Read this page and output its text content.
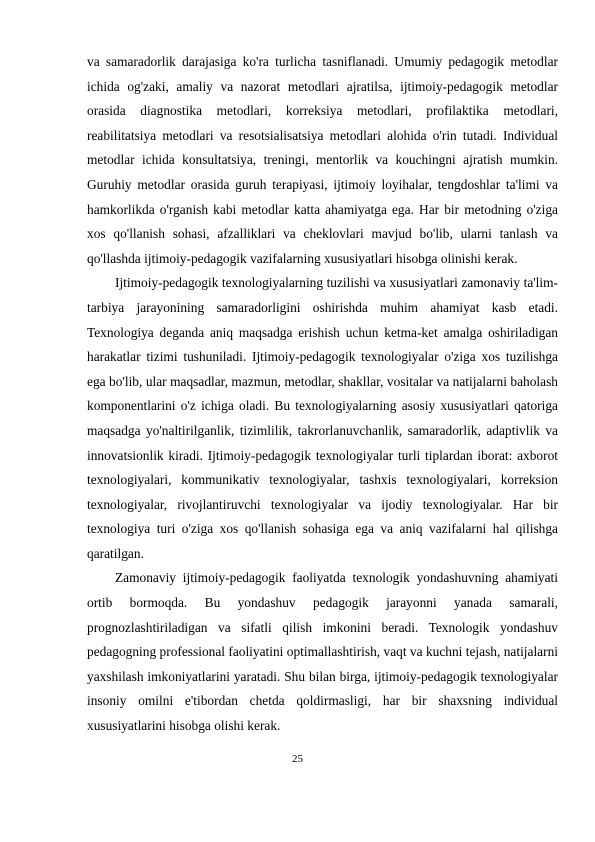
va samaradorlik darajasiga ko'ra turlicha tasniflanadi. Umumiy pedagogik metodlar ichida og'zaki, amaliy va nazorat metodlari ajratilsa, ijtimoiy-pedagogik metodlar orasida diagnostika metodlari, korreksiya metodlari, profilaktika metodlari, reabilitatsiya metodlari va resotsialisatsiya metodlari alohida o'rin tutadi. Individual metodlar ichida konsultatsiya, treningi, mentorlik va kouchingni ajratish mumkin. Guruhiy metodlar orasida guruh terapiyasi, ijtimoiy loyihalar, tengdoshlar ta'limi va hamkorlikda o'rganish kabi metodlar katta ahamiyatga ega. Har bir metodning o'ziga xos qo'llanish sohasi, afzalliklari va cheklovlari mavjud bo'lib, ularni tanlash va qo'llashda ijtimoiy-pedagogik vazifalarning xususiyatlari hisobga olinishi kerak.

Ijtimoiy-pedagogik texnologiyalarning tuzilishi va xususiyatlari zamonaviy ta'lim-tarbiya jarayonining samaradorligini oshirishda muhim ahamiyat kasb etadi. Texnologiya deganda aniq maqsadga erishish uchun ketma-ket amalga oshiriladigan harakatlar tizimi tushuniladi. Ijtimoiy-pedagogik texnologiyalar o'ziga xos tuzilishga ega bo'lib, ular maqsadlar, mazmun, metodlar, shakllar, vositalar va natijalarni baholash komponentlarini o'z ichiga oladi. Bu texnologiyalarning asosiy xususiyatlari qatoriga maqsadga yo'naltirilganlik, tizimlilik, takrorlanuvchanlik, samaradorlik, adaptivlik va innovatsionlik kiradi. Ijtimoiy-pedagogik texnologiyalar turli tiplardan iborat: axborot texnologiyalari, kommunikativ texnologiyalar, tashxis texnologiyalari, korreksion texnologiyalar, rivojlantiruvchi texnologiyalar va ijodiy texnologiyalar. Har bir texnologiya turi o'ziga xos qo'llanish sohasiga ega va aniq vazifalarni hal qilishga qaratilgan.

Zamonaviy ijtimoiy-pedagogik faoliyatda texnologik yondashuvning ahamiyati ortib bormoqda. Bu yondashuv pedagogik jarayonni yanada samarali, prognozlashtiriladigan va sifatli qilish imkonini beradi. Texnologik yondashuv pedagogning professional faoliyatini optimallashtirish, vaqt va kuchni tejash, natijalarni yaxshilash imkoniyatlarini yaratadi. Shu bilan birga, ijtimoiy-pedagogik texnologiyalar insoniy omilni e'tibordan chetda qoldirmasligi, har bir shaxsning individual xususiyatlarini hisobga olishi kerak.

25
